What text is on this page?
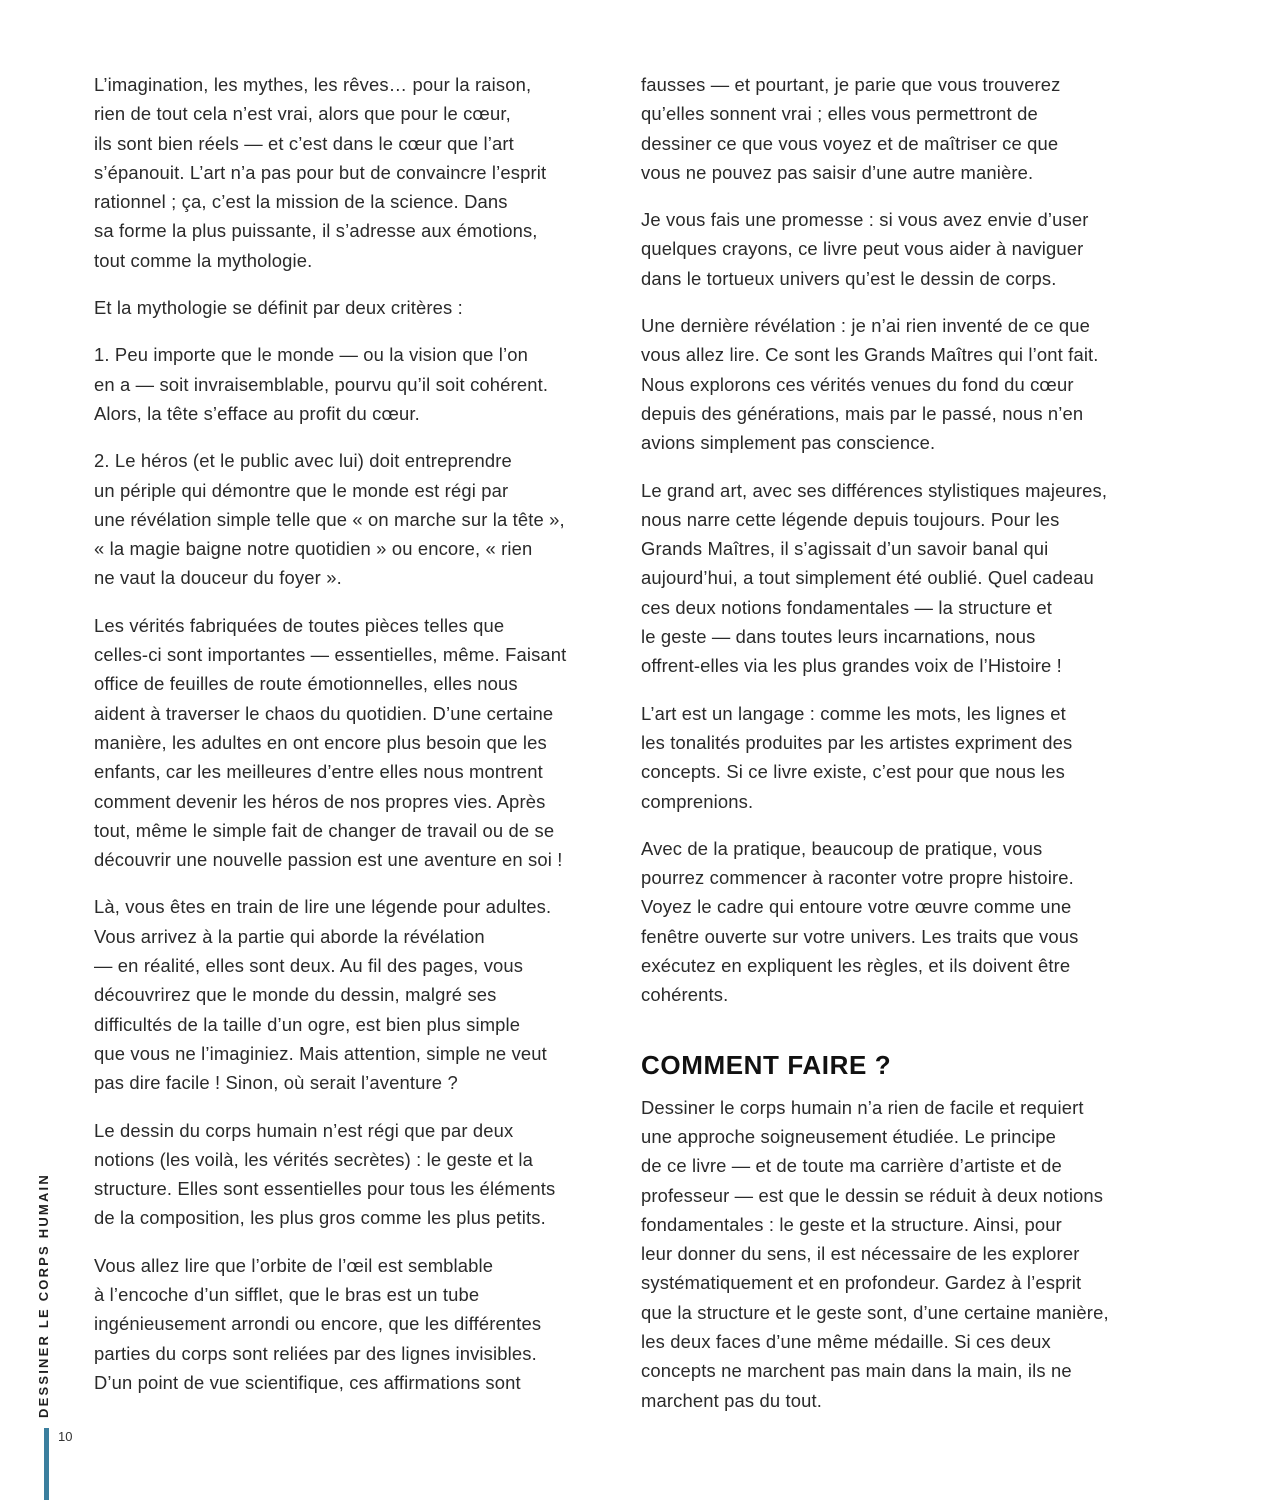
L’imagination, les mythes, les rêves… pour la raison,
rien de tout cela n’est vrai, alors que pour le cœur,
ils sont bien réels — et c’est dans le cœur que l’art
s’épanouit. L’art n’a pas pour but de convaincre l’esprit
rationnel ; ça, c’est la mission de la science. Dans
sa forme la plus puissante, il s’adresse aux émotions,
tout comme la mythologie.

Et la mythologie se définit par deux critères :

1. Peu importe que le monde — ou la vision que l’on
en a — soit invraisemblable, pourvu qu’il soit cohérent.
Alors, la tête s’efface au profit du cœur.

2. Le héros (et le public avec lui) doit entreprendre
un périple qui démontre que le monde est régi par
une révélation simple telle que « on marche sur la tête »,
« la magie baigne notre quotidien » ou encore, « rien
ne vaut la douceur du foyer ».

Les vérités fabriquées de toutes pièces telles que
celles-ci sont importantes — essentielles, même. Faisant
office de feuilles de route émotionnelles, elles nous
aident à traverser le chaos du quotidien. D’une certaine
manière, les adultes en ont encore plus besoin que les
enfants, car les meilleures d’entre elles nous montrent
comment devenir les héros de nos propres vies. Après
tout, même le simple fait de changer de travail ou de se
découvrir une nouvelle passion est une aventure en soi !

Là, vous êtes en train de lire une légende pour adultes.
Vous arrivez à la partie qui aborde la révélation
— en réalité, elles sont deux. Au fil des pages, vous
découvrirez que le monde du dessin, malgré ses
difficultés de la taille d’un ogre, est bien plus simple
que vous ne l’imaginiez. Mais attention, simple ne veut
pas dire facile ! Sinon, où serait l’aventure ?

Le dessin du corps humain n’est régi que par deux
notions (les voilà, les vérités secrètes) : le geste et la
structure. Elles sont essentielles pour tous les éléments
de la composition, les plus gros comme les plus petits.

Vous allez lire que l’orbite de l’œil est semblable
à l’encoche d’un sifflet, que le bras est un tube
ingénieusement arrondi ou encore, que les différentes
parties du corps sont reliées par des lignes invisibles.
D’un point de vue scientifique, ces affirmations sont

fausses — et pourtant, je parie que vous trouverez
qu’elles sonnent vrai ; elles vous permettront de
dessiner ce que vous voyez et de maîtriser ce que
vous ne pouvez pas saisir d’une autre manière.

Je vous fais une promesse : si vous avez envie d’user
quelques crayons, ce livre peut vous aider à naviguer
dans le tortueux univers qu’est le dessin de corps.

Une dernière révélation : je n’ai rien inventé de ce que
vous allez lire. Ce sont les Grands Maîtres qui l’ont fait.
Nous explorons ces vérités venues du fond du cœur
depuis des générations, mais par le passé, nous n’en
avions simplement pas conscience.

Le grand art, avec ses différences stylistiques majeures,
nous narre cette légende depuis toujours. Pour les
Grands Maîtres, il s’agissait d’un savoir banal qui
aujourd’hui, a tout simplement été oublié. Quel cadeau
ces deux notions fondamentales — la structure et
le geste — dans toutes leurs incarnations, nous
offrent-elles via les plus grandes voix de l’Histoire !

L’art est un langage : comme les mots, les lignes et
les tonalités produites par les artistes expriment des
concepts. Si ce livre existe, c’est pour que nous les
comprenions.

Avec de la pratique, beaucoup de pratique, vous
pourrez commencer à raconter votre propre histoire.
Voyez le cadre qui entoure votre œuvre comme une
fenêtre ouverte sur votre univers. Les traits que vous
exécutez en expliquent les règles, et ils doivent être
cohérents.

COMMENT FAIRE ?

Dessiner le corps humain n’a rien de facile et requiert
une approche soigneusement étudiée. Le principe
de ce livre — et de toute ma carrière d’artiste et de
professeur — est que le dessin se réduit à deux notions
fondamentales : le geste et la structure. Ainsi, pour
leur donner du sens, il est nécessaire de les explorer
systématiquement et en profondeur. Gardez à l’esprit
que la structure et le geste sont, d’une certaine manière,
les deux faces d’une même médaille. Si ces deux
concepts ne marchent pas main dans la main, ils ne
marchent pas du tout.

DESSINER LE CORPS HUMAIN
10
